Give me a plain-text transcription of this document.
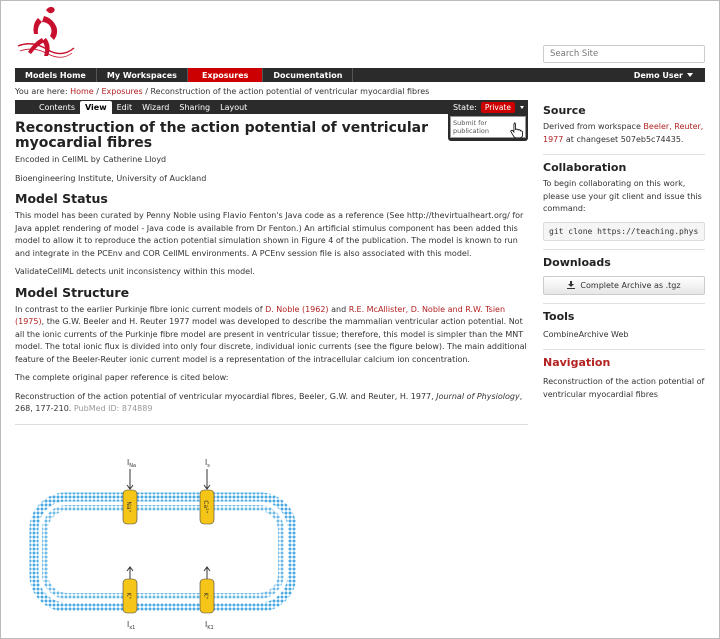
Search Site
Models Home	My Workspaces	Exposures	Documentation	Demo User
You are here: Home / Exposures / Reconstruction of the action potential of ventricular myocardial fibres
Contents	View	Edit	Wizard	Sharing	Layout	State:	Private
Submit for publication
Advanced...
Reconstruction of the action potential of ventricular myocardial fibres
Encoded in CellML by Catherine Lloyd
Bioengineering Institute, University of Auckland
Model Status
This model has been curated by Penny Noble using Flavio Fenton's Java code as a reference (See http://thevirtualheart.org/ for Java applet rendering of model - Java code is available from Dr Fenton.) An artificial stimulus component has been added this model to allow it to reproduce the action potential simulation shown in Figure 4 of the publication. The model is known to run and integrate in the PCEnv and COR CellML environments. A PCEnv session file is also associated with this model.
ValidateCellML detects unit inconsistency within this model.
Model Structure
In contrast to the earlier Purkinje fibre ionic current models of D. Noble (1962) and R.E. McAllister, D. Noble and R.W. Tsien (1975), the G.W. Beeler and H. Reuter 1977 model was developed to describe the mammalian ventricular action potential. Not all the ionic currents of the Purkinje fibre model are present in ventricular tissue; therefore, this model is simpler than the MNT model. The total ionic flux is divided into only four discrete, individual ionic currents (see the figure below). The main additional feature of the Beeler-Reuter ionic current model is a representation of the intracellular calcium ion concentration.
The complete original paper reference is cited below:
Reconstruction of the action potential of ventricular myocardial fibres, Beeler, G.W. and Reuter, H. 1977, Journal of Physiology, 268, 177-210. PubMed ID: 874889
Na⁺	Ca²⁺
K⁺	K⁺
$I_{Na}$	$I_s$
$I_{x1}$	$I_{K1}$
Source
Derived from workspace Beeler, Reuter, 1977 at changeset 507eb5c74435.
Collaboration
To begin collaborating on this work, please use your git client and issue this command:
git clone https://teaching.phys
Downloads
Complete Archive as .tgz
Tools
CombineArchive Web
Navigation
Reconstruction of the action potential of ventricular myocardial fibres
